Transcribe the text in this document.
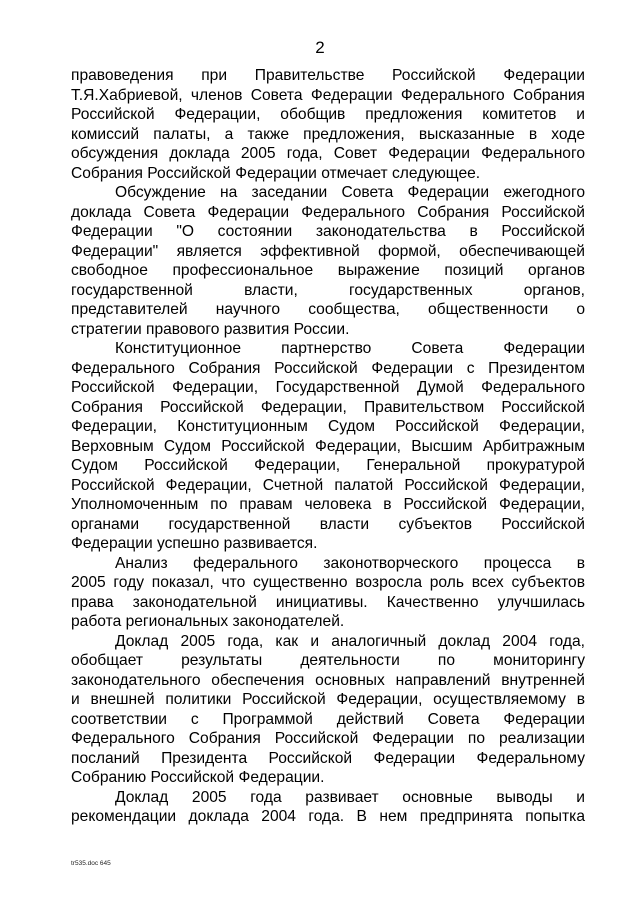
2
правоведения при Правительстве Российской Федерации
Т.Я.Хабриевой, членов Совета Федерации Федерального Собрания
Российской Федерации, обобщив предложения комитетов и
комиссий палаты, а также предложения, высказанные в ходе
обсуждения доклада 2005 года, Совет Федерации Федерального
Собрания Российской Федерации отмечает следующее.
Обсуждение на заседании Совета Федерации ежегодного
доклада Совета Федерации Федерального Собрания Российской
Федерации "О состоянии законодательства в Российской
Федерации" является эффективной формой, обеспечивающей
свободное профессиональное выражение позиций органов
государственной власти, государственных органов,
представителей научного сообщества, общественности о
стратегии правового развития России.
Конституционное партнерство Совета Федерации
Федерального Собрания Российской Федерации с Президентом
Российской Федерации, Государственной Думой Федерального
Собрания Российской Федерации, Правительством Российской
Федерации, Конституционным Судом Российской Федерации,
Верховным Судом Российской Федерации, Высшим Арбитражным
Судом Российской Федерации, Генеральной прокуратурой
Российской Федерации, Счетной палатой Российской Федерации,
Уполномоченным по правам человека в Российской Федерации,
органами государственной власти субъектов Российской
Федерации успешно развивается.
Анализ федерального законотворческого процесса в
2005 году показал, что существенно возросла роль всех субъектов
права законодательной инициативы. Качественно улучшилась
работа региональных законодателей.
Доклад 2005 года, как и аналогичный доклад 2004 года,
обобщает результаты деятельности по мониторингу
законодательного обеспечения основных направлений внутренней
и внешней политики Российской Федерации, осуществляемому в
соответствии с Программой действий Совета Федерации
Федерального Собрания Российской Федерации по реализации
посланий Президента Российской Федерации Федеральному
Собранию Российской Федерации.
Доклад 2005 года развивает основные выводы и
рекомендации доклада 2004 года. В нем предпринята попытка
tr535.doc 645
